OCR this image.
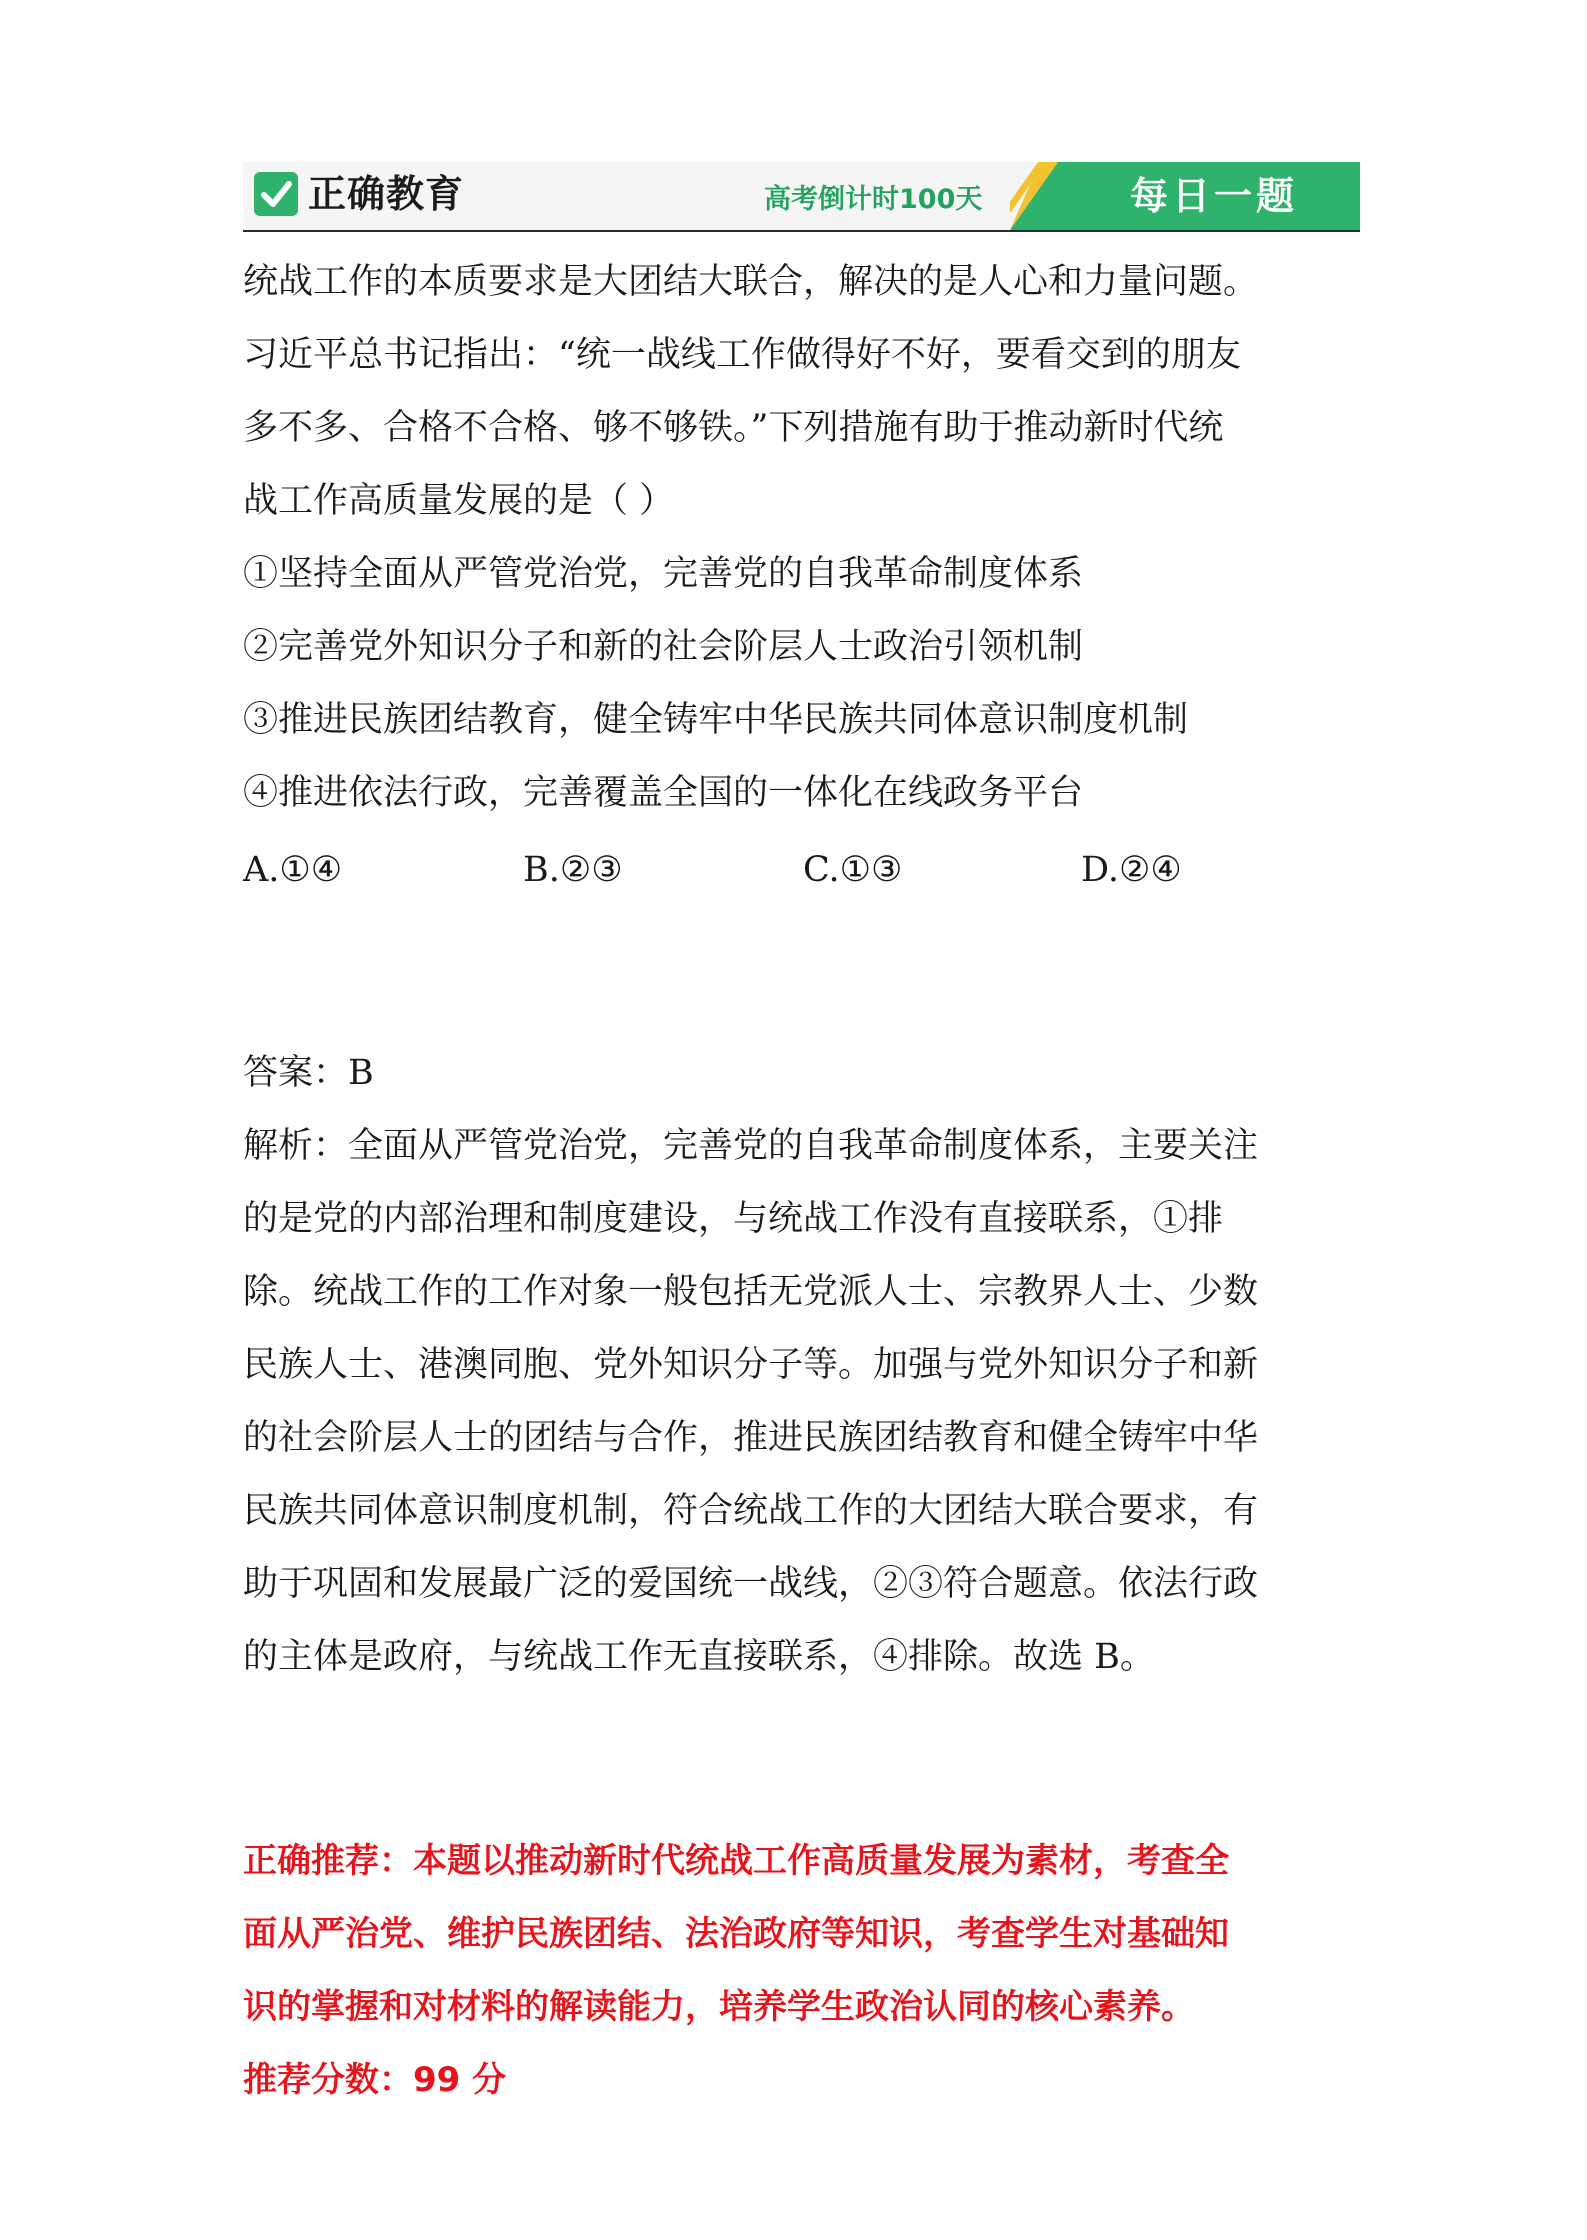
正确教育	高考倒计时100天	每日一题
统战工作的本质要求是大团结大联合，解决的是人心和力量问题。
习近平总书记指出：“统一战线工作做得好不好，要看交到的朋友
多不多、合格不合格、够不够铁。”下列措施有助于推动新时代统
战工作高质量发展的是（ ）
①坚持全面从严管党治党，完善党的自我革命制度体系
②完善党外知识分子和新的社会阶层人士政治引领机制
③推进民族团结教育，健全铸牢中华民族共同体意识制度机制
④推进依法行政，完善覆盖全国的一体化在线政务平台
A.①④	B.②③	C.①③	D.②④
答案：B
解析：全面从严管党治党，完善党的自我革命制度体系，主要关注
的是党的内部治理和制度建设，与统战工作没有直接联系，①排
除。统战工作的工作对象一般包括无党派人士、宗教界人士、少数
民族人士、港澳同胞、党外知识分子等。加强与党外知识分子和新
的社会阶层人士的团结与合作，推进民族团结教育和健全铸牢中华
民族共同体意识制度机制，符合统战工作的大团结大联合要求，有
助于巩固和发展最广泛的爱国统一战线，②③符合题意。依法行政
的主体是政府，与统战工作无直接联系，④排除。故选 B。
正确推荐：本题以推动新时代统战工作高质量发展为素材，考查全
面从严治党、维护民族团结、法治政府等知识，考查学生对基础知
识的掌握和对材料的解读能力，培养学生政治认同的核心素养。
推荐分数：99 分
